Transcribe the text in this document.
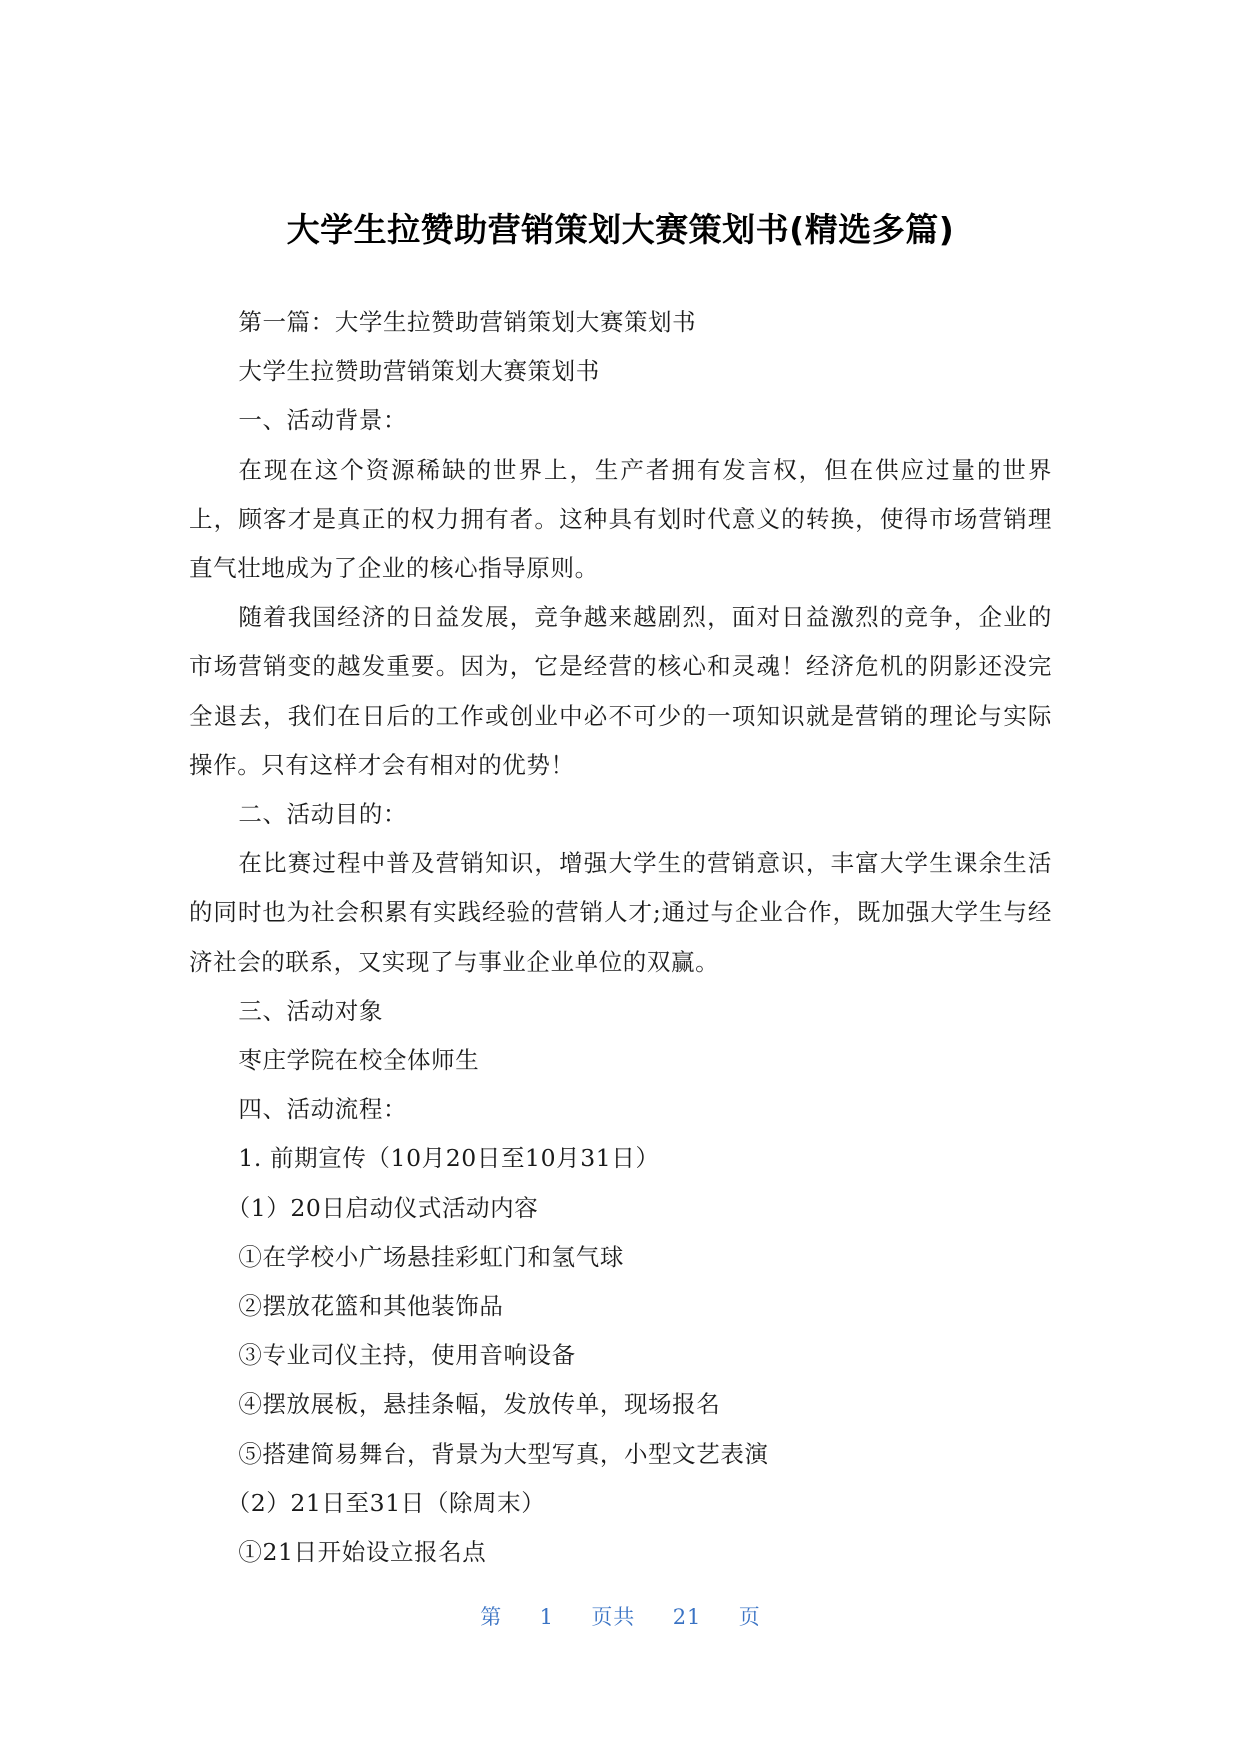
大学生拉赞助营销策划大赛策划书(精选多篇)

第一篇：大学生拉赞助营销策划大赛策划书

大学生拉赞助营销策划大赛策划书

一、活动背景：

在现在这个资源稀缺的世界上，生产者拥有发言权，但在供应过量的世界上，顾客才是真正的权力拥有者。这种具有划时代意义的转换，使得市场营销理直气壮地成为了企业的核心指导原则。

随着我国经济的日益发展，竞争越来越剧烈，面对日益激烈的竞争，企业的市场营销变的越发重要。因为，它是经营的核心和灵魂！经济危机的阴影还没完全退去，我们在日后的工作或创业中必不可少的一项知识就是营销的理论与实际操作。只有这样才会有相对的优势！

二、活动目的：

在比赛过程中普及营销知识，增强大学生的营销意识，丰富大学生课余生活的同时也为社会积累有实践经验的营销人才;通过与企业合作，既加强大学生与经济社会的联系，又实现了与事业企业单位的双赢。

三、活动对象

枣庄学院在校全体师生

四、活动流程：

1. 前期宣传（10月20日至10月31日）

（1）20日启动仪式活动内容

①在学校小广场悬挂彩虹门和氢气球

②摆放花篮和其他装饰品

③专业司仪主持，使用音响设备

④摆放展板，悬挂条幅，发放传单，现场报名

⑤搭建简易舞台，背景为大型写真，小型文艺表演

（2）21日至31日（除周末）

①21日开始设立报名点

第 1 页共 21 页
